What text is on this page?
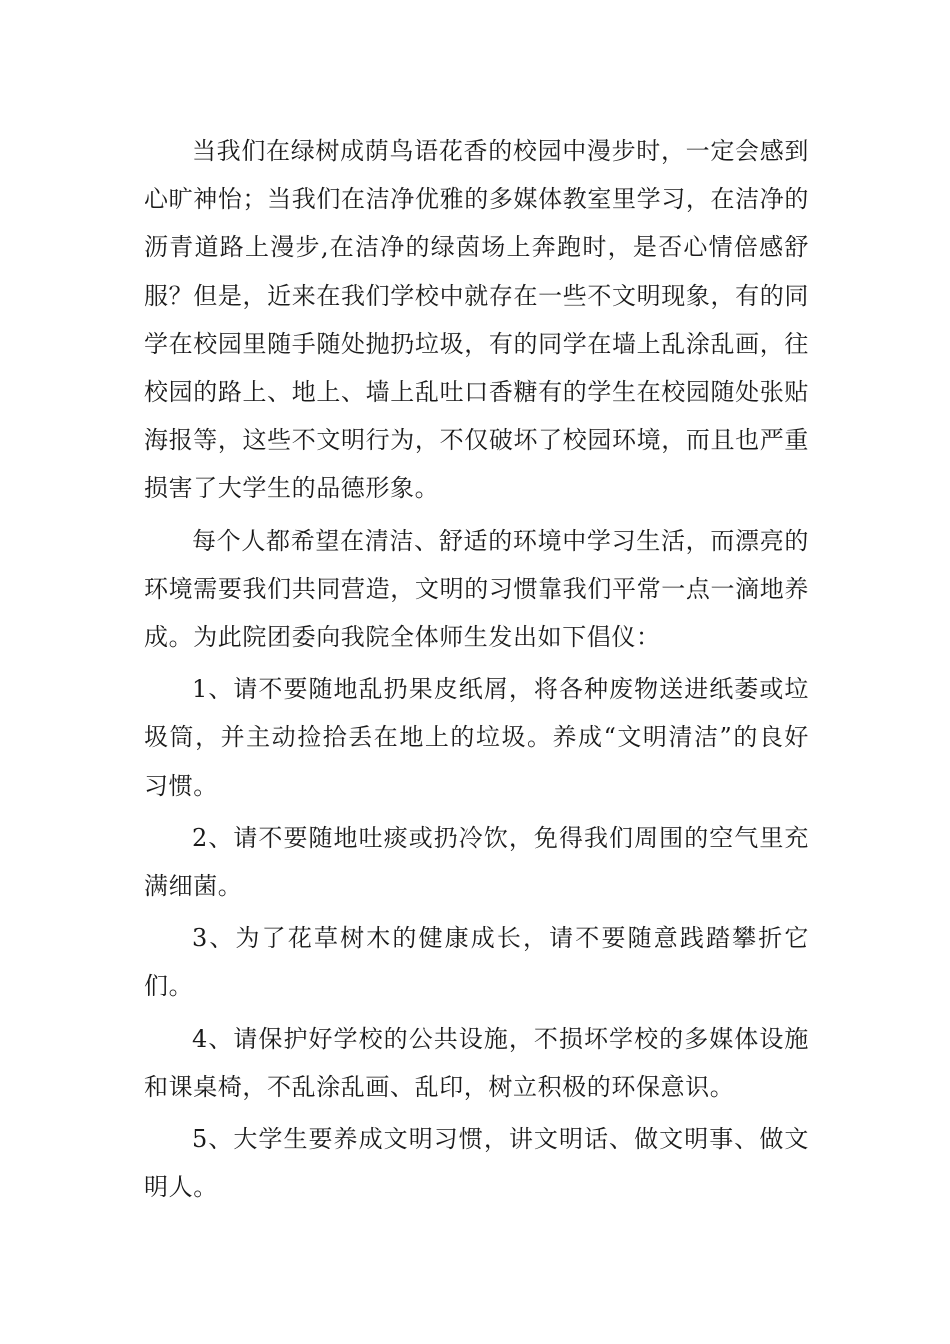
当我们在绿树成荫鸟语花香的校园中漫步时，一定会感到心旷神怡；当我们在洁净优雅的多媒体教室里学习，在洁净的沥青道路上漫步,在洁净的绿茵场上奔跑时，是否心情倍感舒服？但是，近来在我们学校中就存在一些不文明现象，有的同学在校园里随手随处抛扔垃圾，有的同学在墙上乱涂乱画，往校园的路上、地上、墙上乱吐口香糖有的学生在校园随处张贴海报等，这些不文明行为，不仅破坏了校园环境，而且也严重损害了大学生的品德形象。

每个人都希望在清洁、舒适的环境中学习生活，而漂亮的环境需要我们共同营造，文明的习惯靠我们平常一点一滴地养成。为此院团委向我院全体师生发出如下倡仪：

1、请不要随地乱扔果皮纸屑，将各种废物送进纸萎或垃圾筒，并主动捡拾丢在地上的垃圾。养成“文明清洁”的良好习惯。

2、请不要随地吐痰或扔冷饮，免得我们周围的空气里充满细菌。

3、为了花草树木的健康成长，请不要随意践踏攀折它们。

4、请保护好学校的公共设施，不损坏学校的多媒体设施和课桌椅，不乱涂乱画、乱印，树立积极的环保意识。

5、大学生要养成文明习惯，讲文明话、做文明事、做文明人。
